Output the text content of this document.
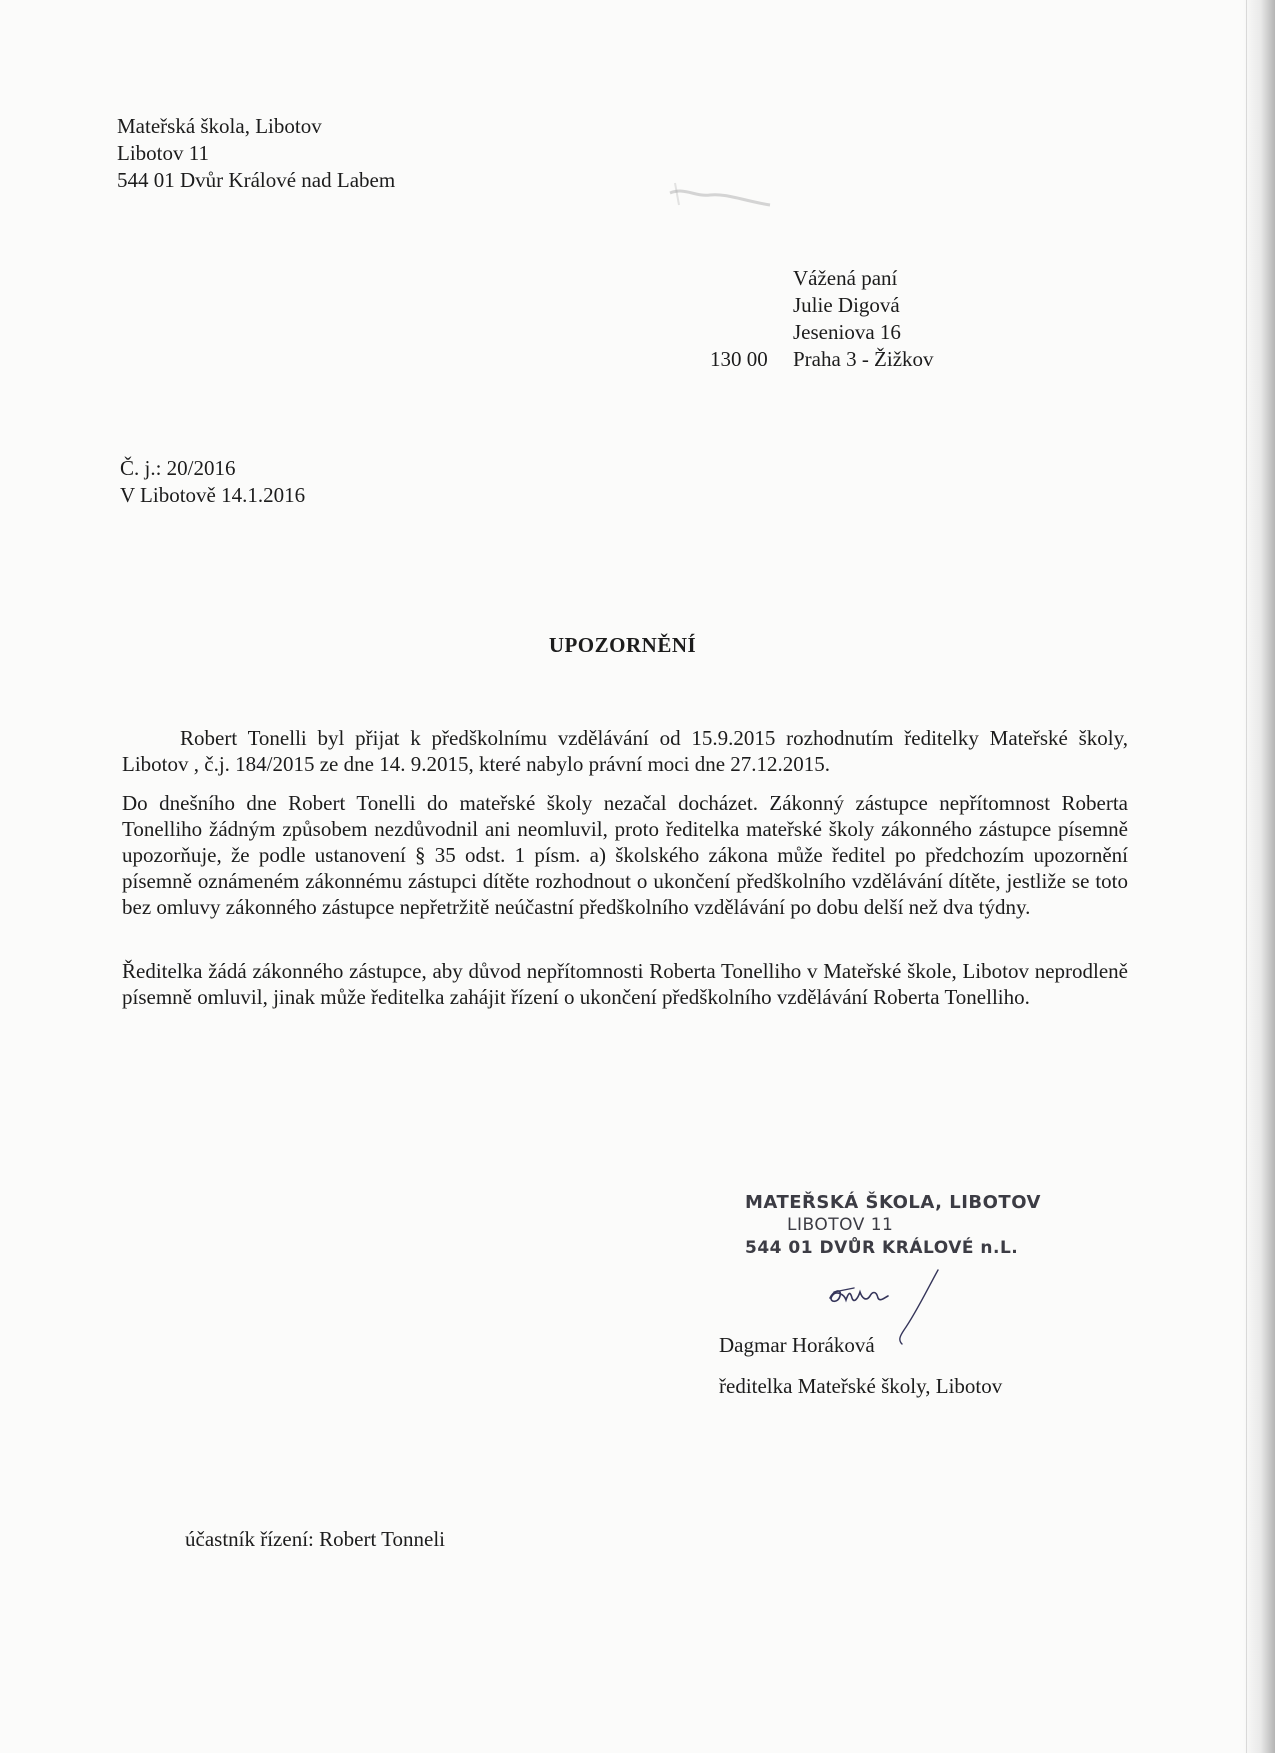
Mateřská škola, Libotov
Libotov 11
544 01 Dvůr Králové nad Labem
Vážená paní
Julie Digová
Jeseniova 16
Praha 3 - Žižkov
130 00
Č. j.: 20/2016
V Libotově 14.1.2016
UPOZORNĚNÍ
Robert Tonelli byl přijat k předškolnímu vzdělávání od 15.9.2015 rozhodnutím ředitelky Mateřské školy, Libotov , č.j. 184/2015 ze dne 14. 9.2015, které nabylo právní moci dne 27.12.2015.
Do dnešního dne Robert Tonelli do mateřské školy nezačal docházet. Zákonný zástupce nepřítomnost Roberta Tonelliho žádným způsobem nezdůvodnil ani neomluvil, proto ředitelka mateřské školy zákonného zástupce písemně upozorňuje, že podle ustanovení § 35 odst. 1 písm. a) školského zákona může ředitel po předchozím upozornění písemně oznámeném zákonnému zástupci dítěte rozhodnout o ukončení předškolního vzdělávání dítěte, jestliže se toto bez omluvy zákonného zástupce nepřetržitě neúčastní předškolního vzdělávání po dobu delší než dva týdny.
Ředitelka žádá zákonného zástupce, aby důvod nepřítomnosti Roberta Tonelliho v Mateřské škole, Libotov neprodleně písemně omluvil, jinak může ředitelka zahájit řízení o ukončení předškolního vzdělávání Roberta Tonelliho.
MATEŘSKÁ ŠKOLA, LIBOTOV
LIBOTOV 11
544 01 DVŮR KRÁLOVÉ n.L.
Dagmar Horáková
ředitelka Mateřské školy, Libotov
účastník řízení: Robert Tonneli
